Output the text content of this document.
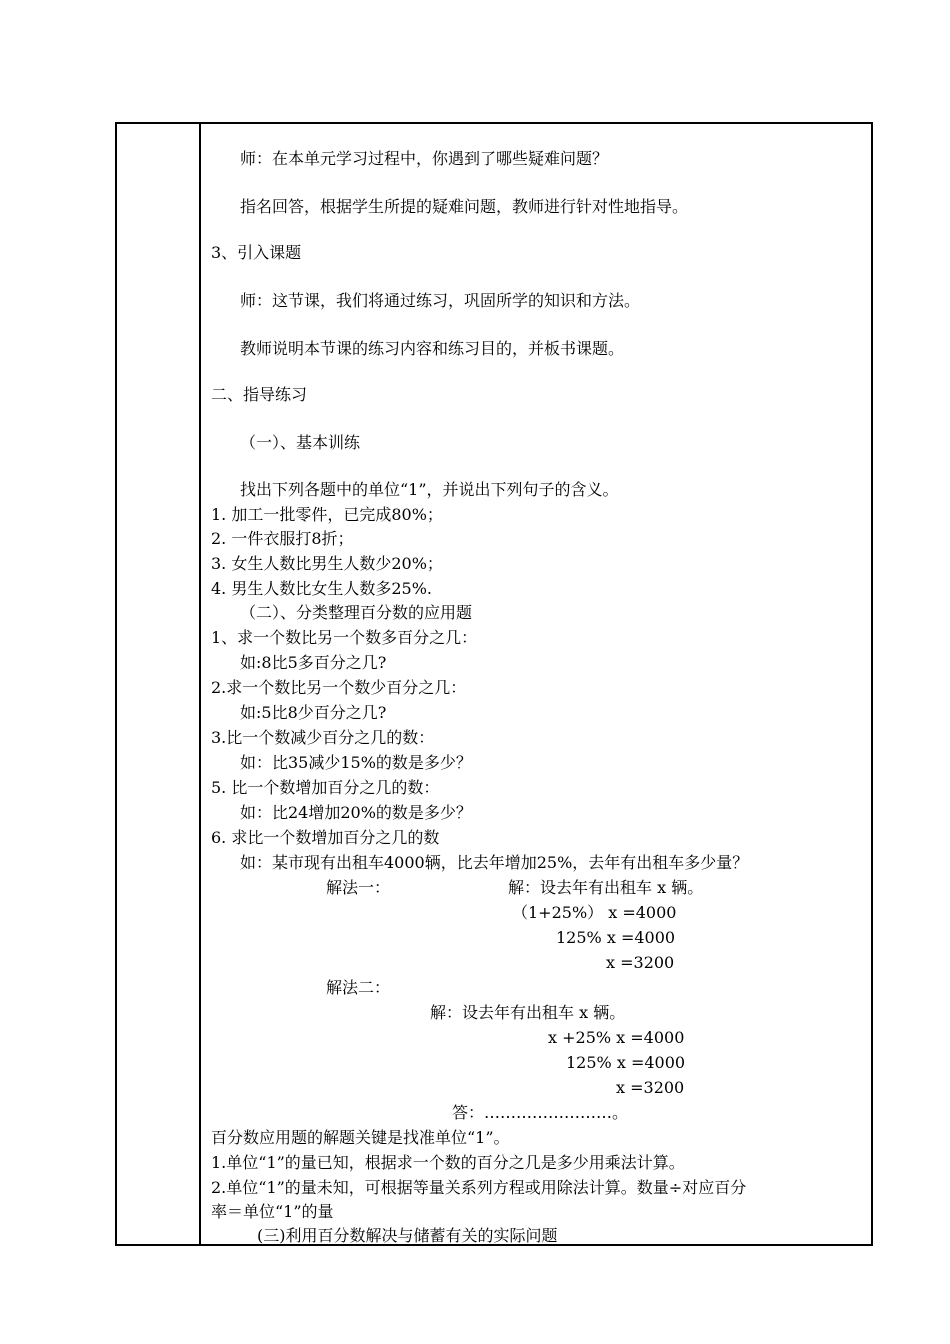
师：在本单元学习过程中，你遇到了哪些疑难问题？
指名回答，根据学生所提的疑难问题，教师进行针对性地指导。
3、引入课题
师：这节课，我们将通过练习，巩固所学的知识和方法。
教师说明本节课的练习内容和练习目的，并板书课题。
二、指导练习
（一）、基本训练
找出下列各题中的单位“1”，并说出下列句子的含义。
1. 加工一批零件，已完成80%；
2. 一件衣服打8折；
3. 女生人数比男生人数少20%；
4. 男生人数比女生人数多25%.
（二）、分类整理百分数的应用题
1、求一个数比另一个数多百分之几：
如:8比5多百分之几?
2.求一个数比另一个数少百分之几：
如:5比8少百分之几?
3.比一个数减少百分之几的数：
如：比35减少15%的数是多少？
5. 比一个数增加百分之几的数：
如：比24增加20%的数是多少？
6. 求比一个数增加百分之几的数
如：某市现有出租车4000辆，比去年增加25%，去年有出租车多少量？
解法一：	解：设去年有出租车 x 辆。
（1+25%） x =4000
125% x =4000
x =3200
解法二：
解：设去年有出租车 x 辆。
x +25% x =4000
125% x =4000
x =3200
答：……………………。
百分数应用题的解题关键是找准单位“1”。
1.单位“1”的量已知，根据求一个数的百分之几是多少用乘法计算。
2.单位“1”的量未知，可根据等量关系列方程或用除法计算。数量÷对应百分
率＝单位“1”的量
(三)利用百分数解决与储蓄有关的实际问题
